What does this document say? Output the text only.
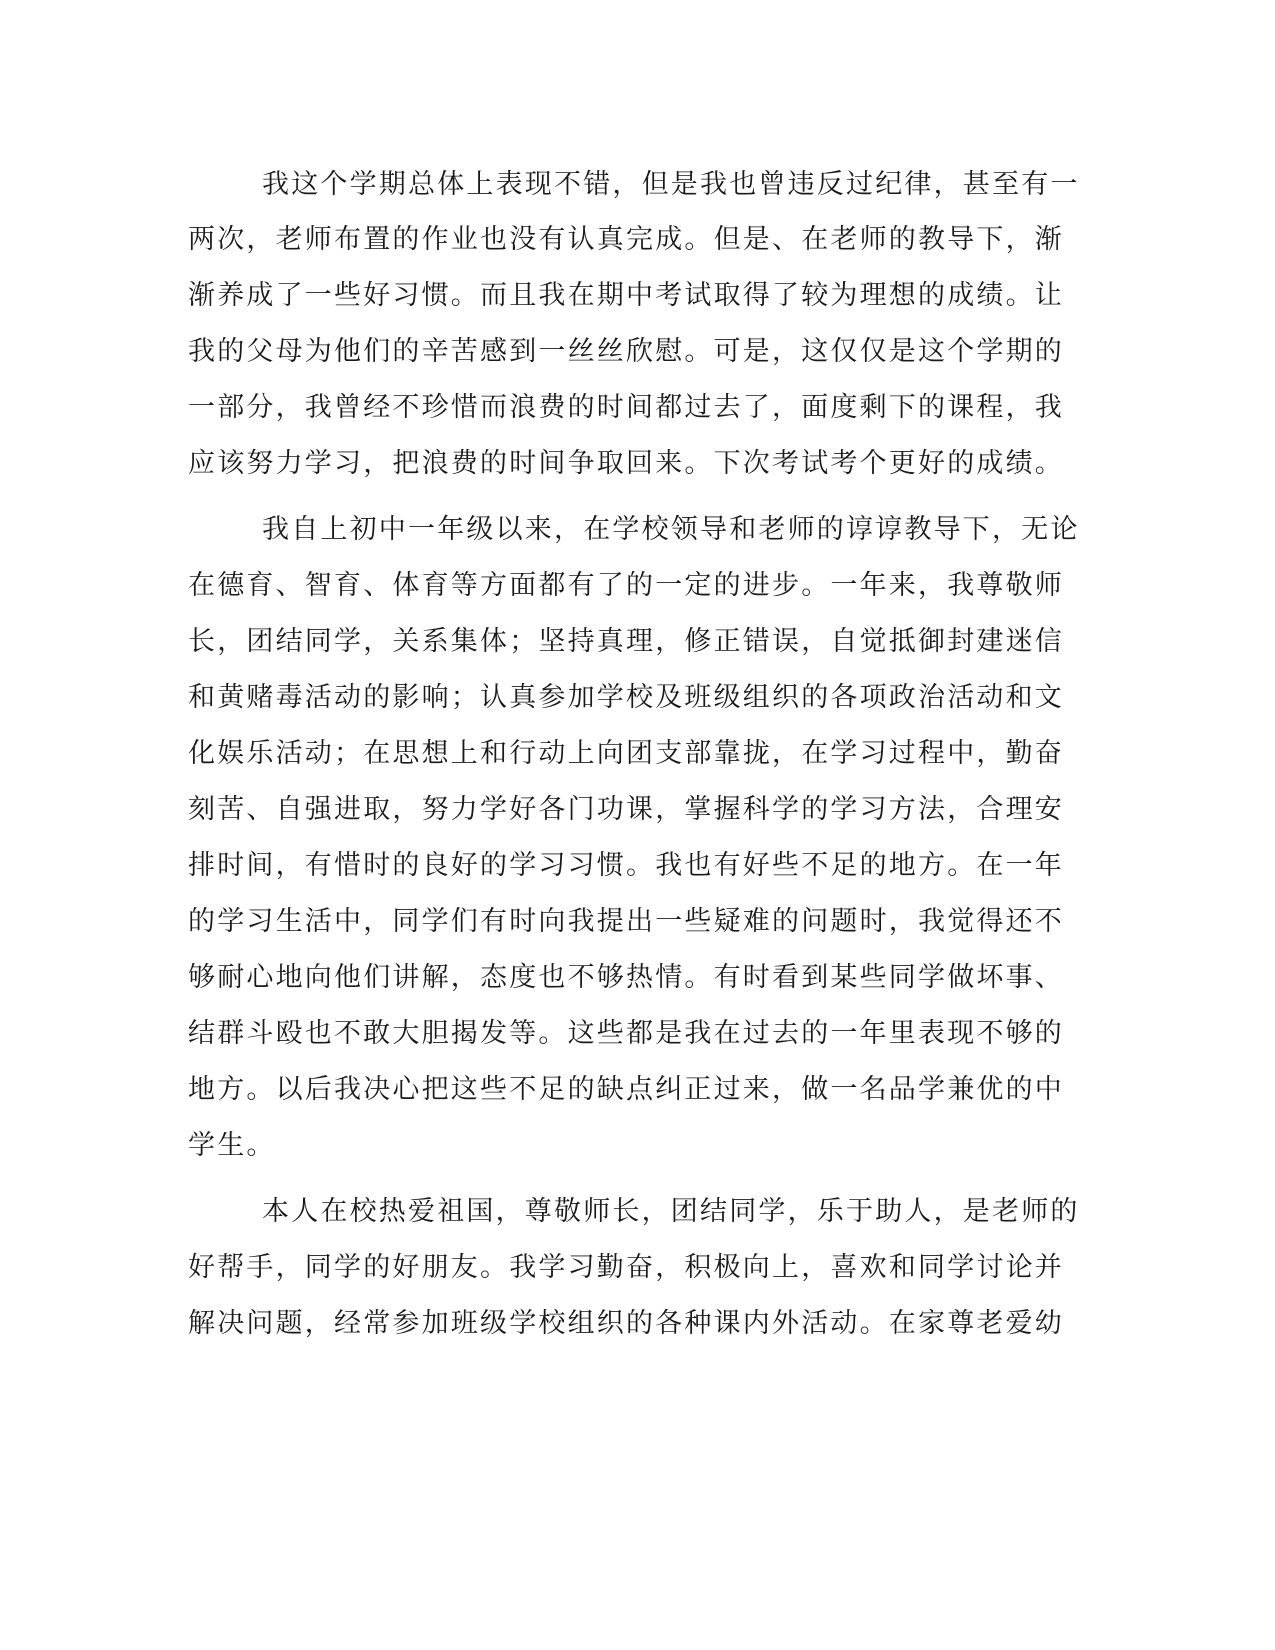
我这个学期总体上表现不错，但是我也曾违反过纪律，甚至有一
两次，老师布置的作业也没有认真完成。但是、在老师的教导下，渐
渐养成了一些好习惯。而且我在期中考试取得了较为理想的成绩。让
我的父母为他们的辛苦感到一丝丝欣慰。可是，这仅仅是这个学期的
一部分，我曾经不珍惜而浪费的时间都过去了，面度剩下的课程，我
应该努力学习，把浪费的时间争取回来。下次考试考个更好的成绩。
我自上初中一年级以来，在学校领导和老师的谆谆教导下，无论
在德育、智育、体育等方面都有了的一定的进步。一年来，我尊敬师
长，团结同学，关系集体；坚持真理，修正错误，自觉抵御封建迷信
和黄赌毒活动的影响；认真参加学校及班级组织的各项政治活动和文
化娱乐活动；在思想上和行动上向团支部靠拢，在学习过程中，勤奋
刻苦、自强进取，努力学好各门功课，掌握科学的学习方法，合理安
排时间，有惜时的良好的学习习惯。我也有好些不足的地方。在一年
的学习生活中，同学们有时向我提出一些疑难的问题时，我觉得还不
够耐心地向他们讲解，态度也不够热情。有时看到某些同学做坏事、
结群斗殴也不敢大胆揭发等。这些都是我在过去的一年里表现不够的
地方。以后我决心把这些不足的缺点纠正过来，做一名品学兼优的中
学生。
本人在校热爱祖国，尊敬师长，团结同学，乐于助人，是老师的
好帮手，同学的好朋友。我学习勤奋，积极向上，喜欢和同学讨论并
解决问题，经常参加班级学校组织的各种课内外活动。在家尊老爱幼
